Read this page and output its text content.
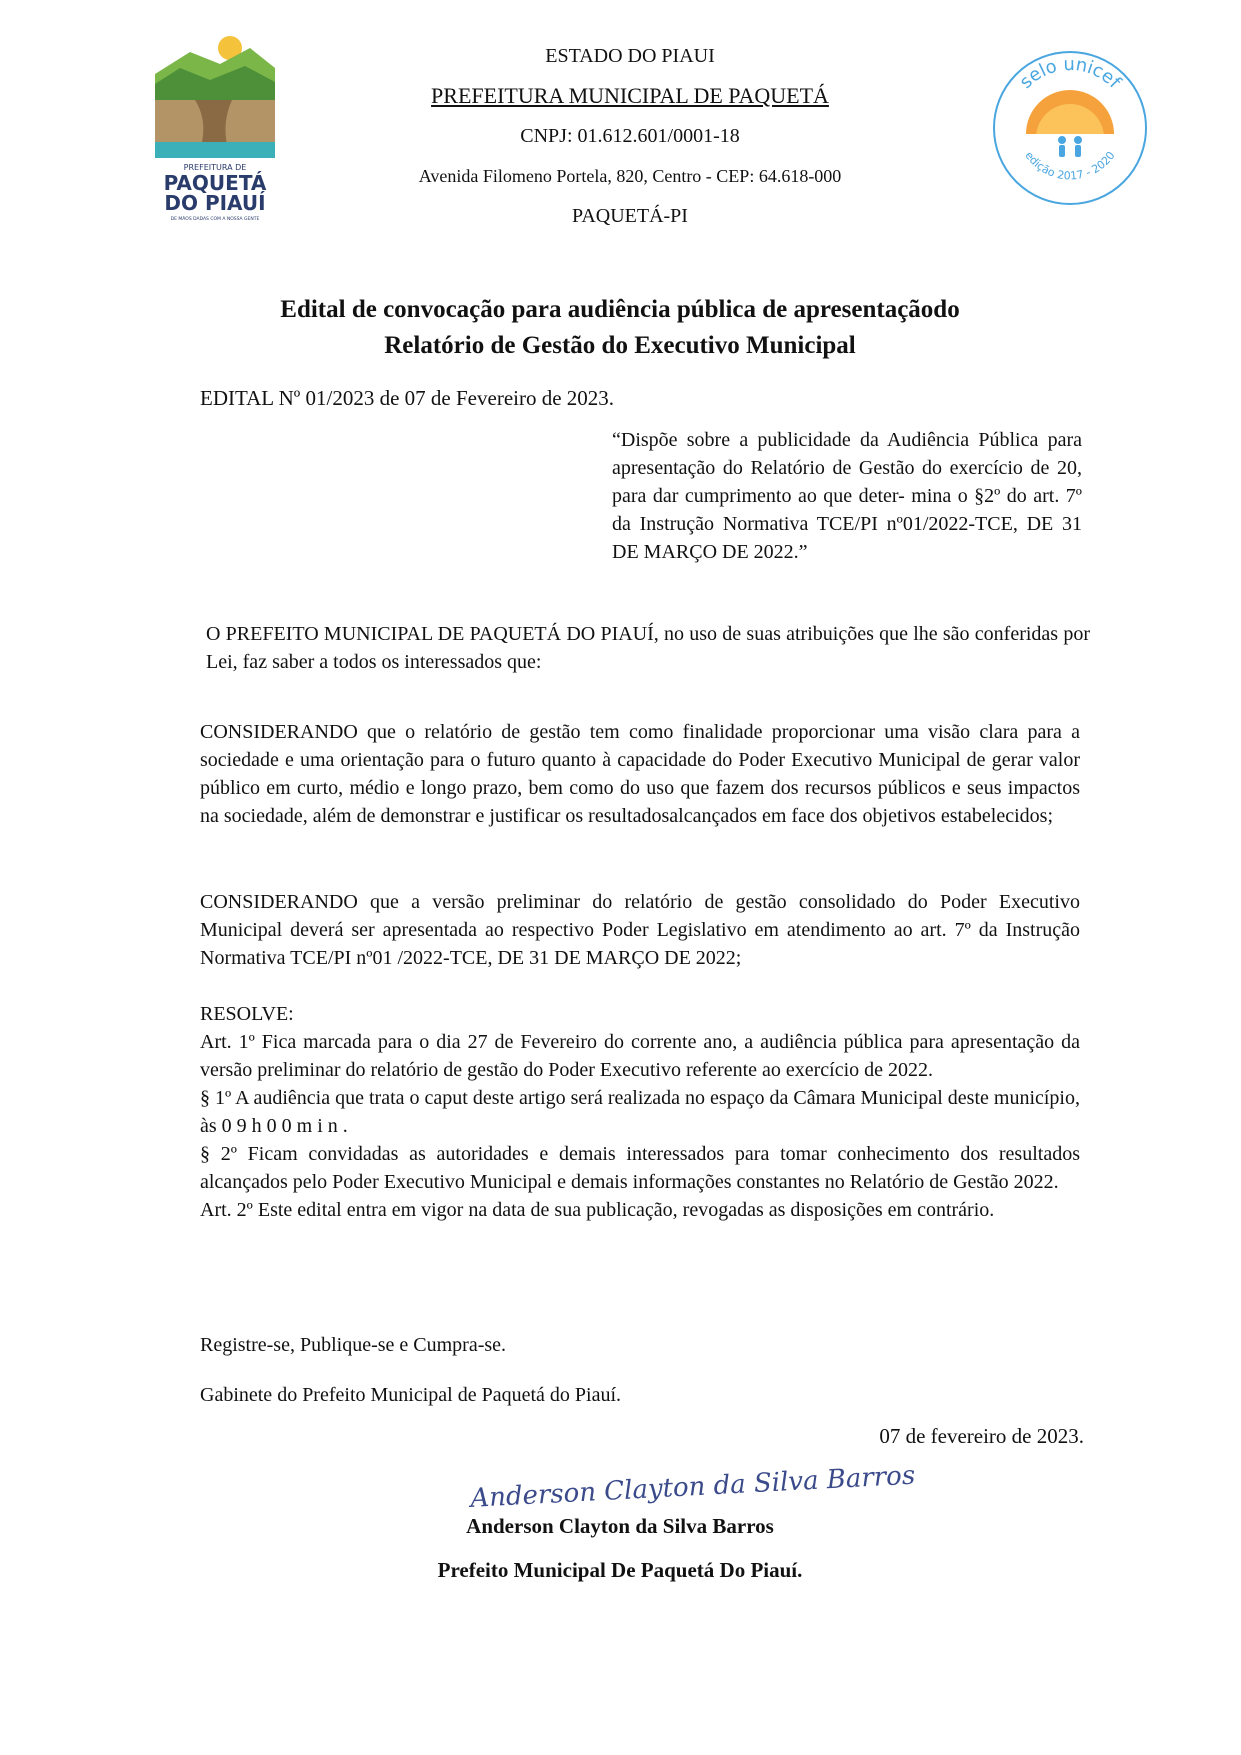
PREFEITURA DE
PAQUETÁ
DO PIAUÍ
DE MÃOS DADAS COM A NOSSA GENTE
selo unicef
edição 2017 - 2020
ESTADO DO PIAUI
PREFEITURA MUNICIPAL DE PAQUETÁ
CNPJ: 01.612.601/0001-18
Avenida Filomeno Portela, 820, Centro - CEP: 64.618-000
PAQUETÁ-PI
Edital de convocação para audiência pública de apresentaçãodo
Relatório de Gestão do Executivo Municipal
EDITAL Nº 01/2023 de 07 de Fevereiro de 2023.
“Dispõe sobre a publicidade da Audiência Pública para apresentação do Relatório de Gestão do exercício de 20, para dar cumprimento ao que deter- mina o §2º do art. 7º da Instrução Normativa TCE/PI nº01/2022-TCE, DE 31 DE MARÇO DE 2022.”
O PREFEITO MUNICIPAL DE PAQUETÁ DO PIAUÍ, no uso de suas atribuições que lhe são conferidas por Lei, faz saber a todos os interessados que:
CONSIDERANDO que o relatório de gestão tem como finalidade proporcionar uma visão clara para a sociedade e uma orientação para o futuro quanto à capacidade do Poder Executivo Municipal de gerar valor público em curto, médio e longo prazo, bem como do uso que fazem dos recursos públicos e seus impactos na sociedade, além de demonstrar e justificar os resultadosalcançados em face dos objetivos estabelecidos;
CONSIDERANDO que a versão preliminar do relatório de gestão consolidado do Poder Executivo Municipal deverá ser apresentada ao respectivo Poder Legislativo em atendimento ao art. 7º da Instrução Normativa TCE/PI nº01 /2022-TCE, DE 31 DE MARÇO DE 2022;
RESOLVE:
Art. 1º Fica marcada para o dia 27 de Fevereiro do corrente ano, a audiência pública para apresentação da versão preliminar do relatório de gestão do Poder Executivo referente ao exercício de 2022.
§ 1º A audiência que trata o caput deste artigo será realizada no espaço da Câmara Municipal deste município, às 0 9 h 0 0 m i n .
§ 2º Ficam convidadas as autoridades e demais interessados para tomar conhecimento dos resultados alcançados pelo Poder Executivo Municipal e demais informações constantes no Relatório de Gestão 2022.
Art. 2º Este edital entra em vigor na data de sua publicação, revogadas as disposições em contrário.
Registre-se, Publique-se e Cumpra-se.
Gabinete do Prefeito Municipal de Paquetá do Piauí.
07 de fevereiro de 2023.
Anderson Clayton da Silva Barros
Anderson Clayton da Silva Barros
Prefeito Municipal De Paquetá Do Piauí.
